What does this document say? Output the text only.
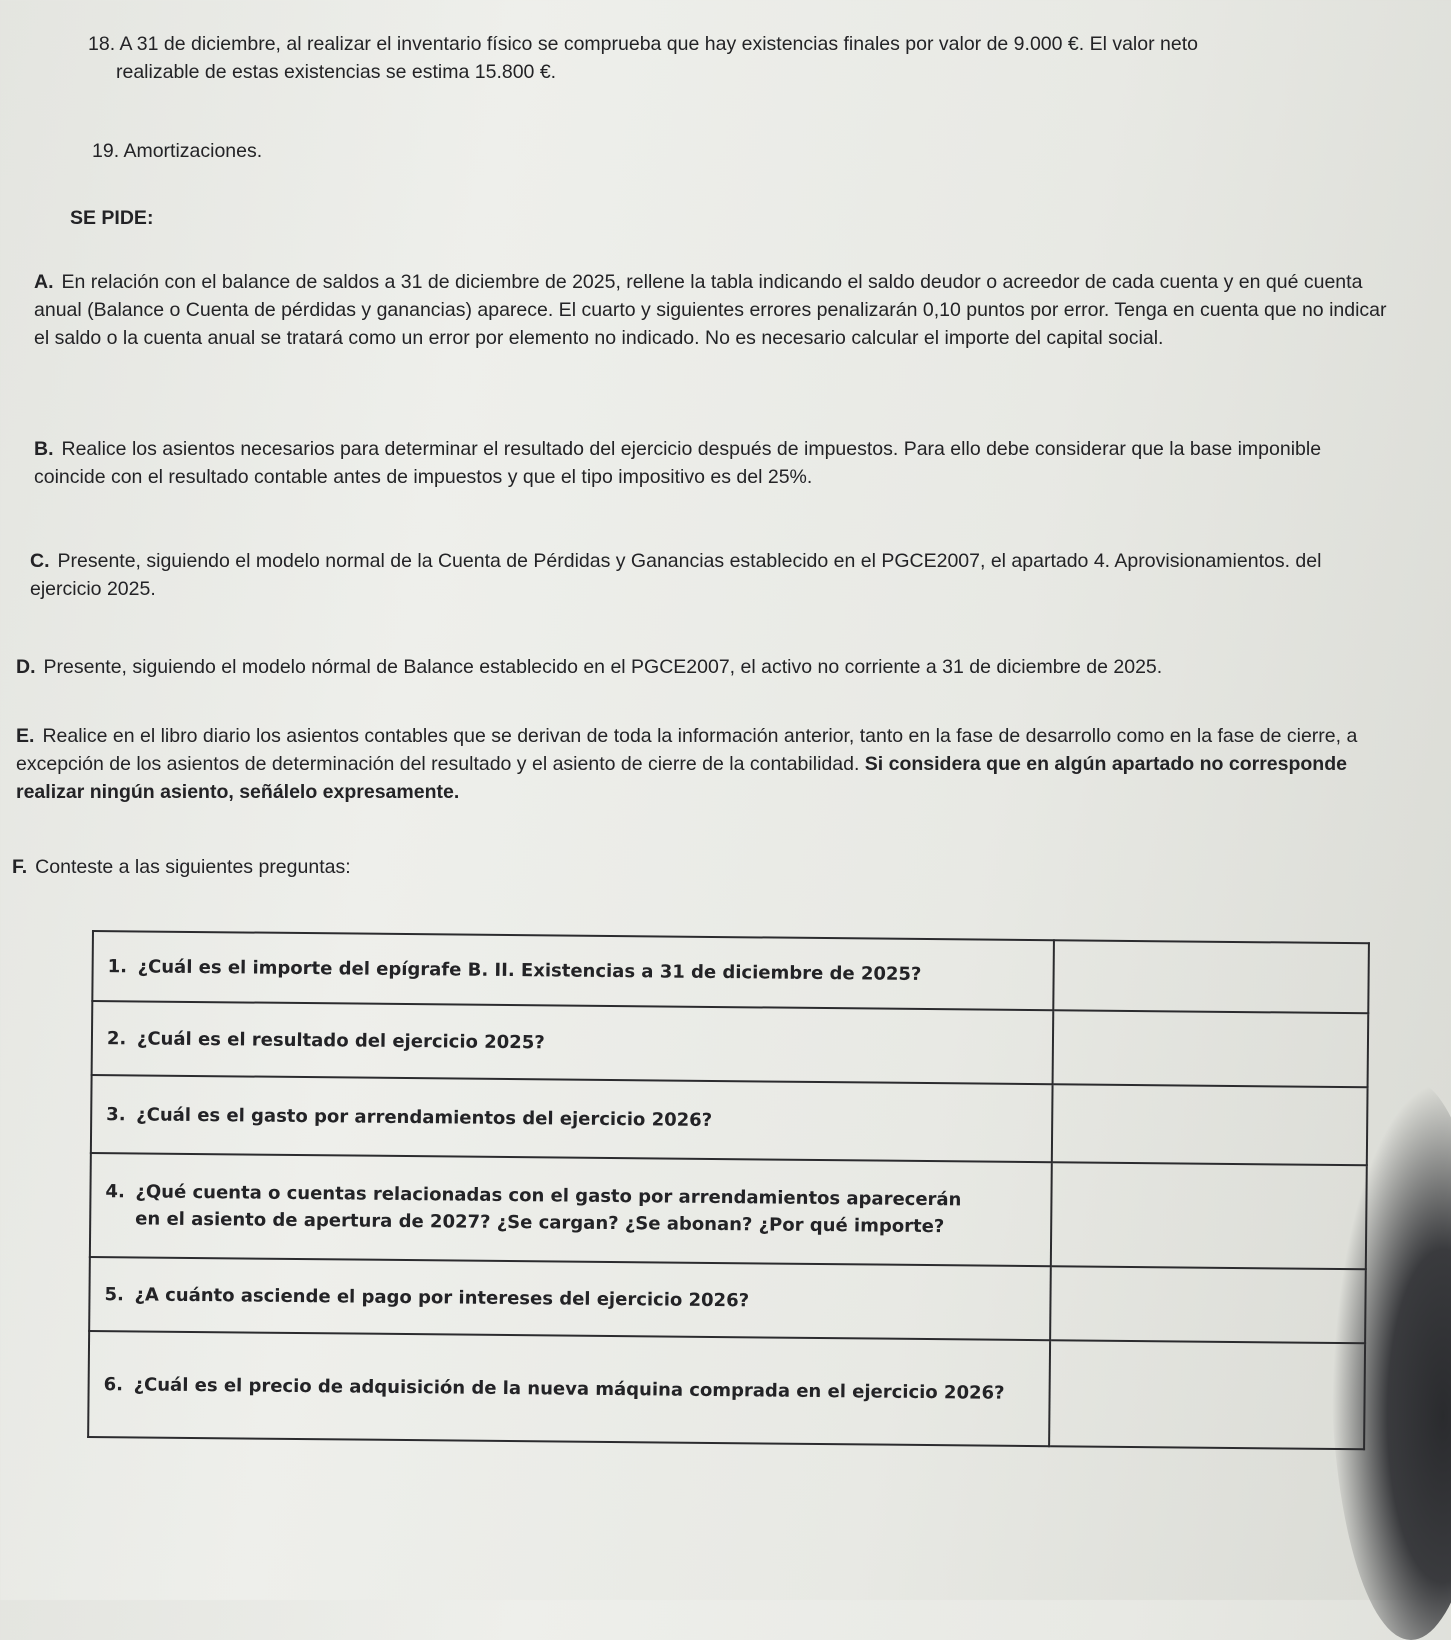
18. A 31 de diciembre, al realizar el inventario físico se comprueba que hay existencias finales por valor de 9.000 €. El valor neto

realizable de estas existencias se estima 15.800 €.

19. Amortizaciones.
SE PIDE:
A. En relación con el balance de saldos a 31 de diciembre de 2025, rellene la tabla indicando el saldo deudor o acreedor de cada cuenta y en qué cuenta anual (Balance o Cuenta de pérdidas y ganancias) aparece. El cuarto y siguientes errores penalizarán 0,10 puntos por error. Tenga en cuenta que no indicar el saldo o la cuenta anual se tratará como un error por elemento no indicado. No es necesario calcular el importe del capital social.
B. Realice los asientos necesarios para determinar el resultado del ejercicio después de impuestos. Para ello debe considerar que la base imponible coincide con el resultado contable antes de impuestos y que el tipo impositivo es del 25%.
C. Presente, siguiendo el modelo normal de la Cuenta de Pérdidas y Ganancias establecido en el PGCE2007, el apartado 4. Aprovisionamientos. del ejercicio 2025.
D. Presente, siguiendo el modelo nórmal de Balance establecido en el PGCE2007, el activo no corriente a 31 de diciembre de 2025.
E. Realice en el libro diario los asientos contables que se derivan de toda la información anterior, tanto en la fase de desarrollo como en la fase de cierre, a excepción de los asientos de determinación del resultado y el asiento de cierre de la contabilidad. Si considera que en algún apartado no corresponde realizar ningún asiento, señálelo expresamente.
F. Conteste a las siguientes preguntas:
1. ¿Cuál es el importe del epígrafe B. II. Existencias a 31 de diciembre de 2025?	
2. ¿Cuál es el resultado del ejercicio 2025?	
3. ¿Cuál es el gasto por arrendamientos del ejercicio 2026?	
4. ¿Qué cuenta o cuentas relacionadas con el gasto por arrendamientos aparecerán
en el asiento de apertura de 2027? ¿Se cargan? ¿Se abonan? ¿Por qué importe?	

5. ¿A cuánto asciende el pago por intereses del ejercicio 2026?	
6. ¿Cuál es el precio de adquisición de la nueva máquina comprada en el ejercicio 2026?	
